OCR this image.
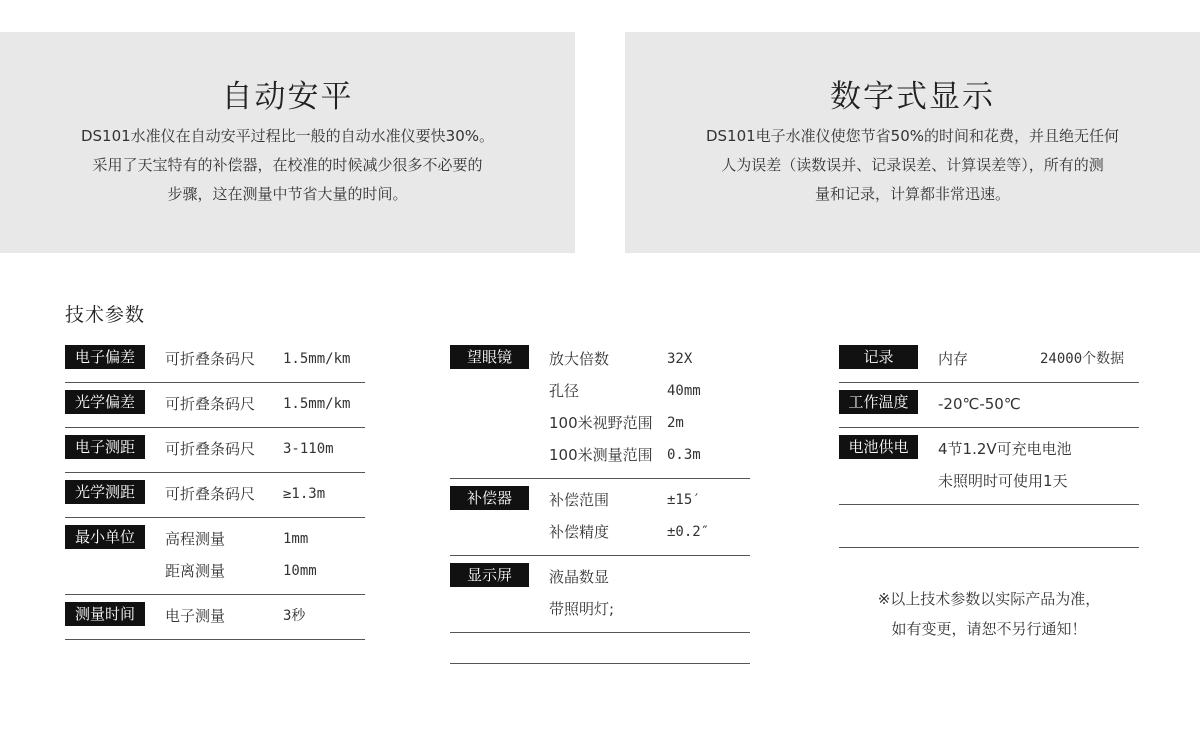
自动安平

DS101水准仪在自动安平过程比一般的自动水准仪要快30%。

采用了天宝特有的补偿器，在校准的时候减少很多不必要的

步骤，这在测量中节省大量的时间。

数字式显示

DS101电子水准仪使您节省50%的时间和花费，并且绝无任何

人为误差（读数误并、记录误差、计算误差等），所有的测

量和记录，计算都非常迅速。

技术参数
电子偏差	可折叠条码尺	1.5mm/km
光学偏差	可折叠条码尺	1.5mm/km
电子测距	可折叠条码尺	3-110m
光学测距	可折叠条码尺	≥1.3m
最小单位	高程测量	1mm
距离测量	10mm
测量时间	电子测量	3秒
望眼镜	放大倍数	32X
孔径	40mm
100米视野范围	2m
100米测量范围	0.3m
补偿器	补偿范围	±15′
补偿精度	±0.2″
显示屏	液晶数显
带照明灯;
记录	内存	24000个数据
工作温度	-20℃-50℃
电池供电	4节1.2V可充电电池
未照明时可使用1天

※以上技术参数以实际产品为准，

如有变更，请恕不另行通知！
